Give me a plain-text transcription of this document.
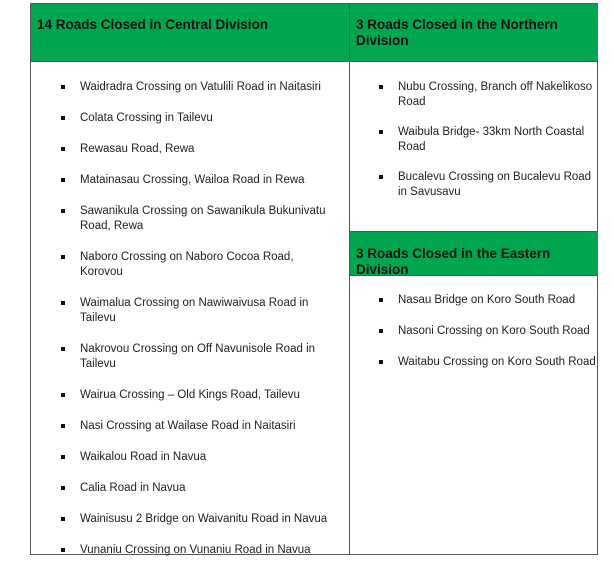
14 Roads Closed in Central Division	3 Roads Closed in the Northern Division
Waidradra Crossing on Vatulili Road in Naitasiri
Colata Crossing in Tailevu
Rewasau Road, Rewa
Matainasau Crossing, Wailoa Road in Rewa
Sawanikula Crossing on Sawanikula Bukunivatu Road, Rewa
Naboro Crossing on Naboro Cocoa Road, Korovou
Waimalua Crossing on Nawiwaivusa Road in Tailevu
Nakrovou Crossing on Off Navunisole Road in Tailevu
Wairua Crossing – Old Kings Road, Tailevu
Nasi Crossing at Wailase Road in Naitasiri
Waikalou Road in Navua
Calia Road in Navua
Wainisusu 2 Bridge on Waivanitu Road in Navua
Vunaniu Crossing on Vunaniu Road in Navua
Nubu Crossing, Branch off Nakelikoso Road
Waibula Bridge- 33km North Coastal Road
Bucalevu Crossing on Bucalevu Road in Savusavu
3 Roads Closed in the Eastern Division
Nasau Bridge on Koro South Road
Nasoni Crossing on Koro South Road
Waitabu Crossing on Koro South Road
